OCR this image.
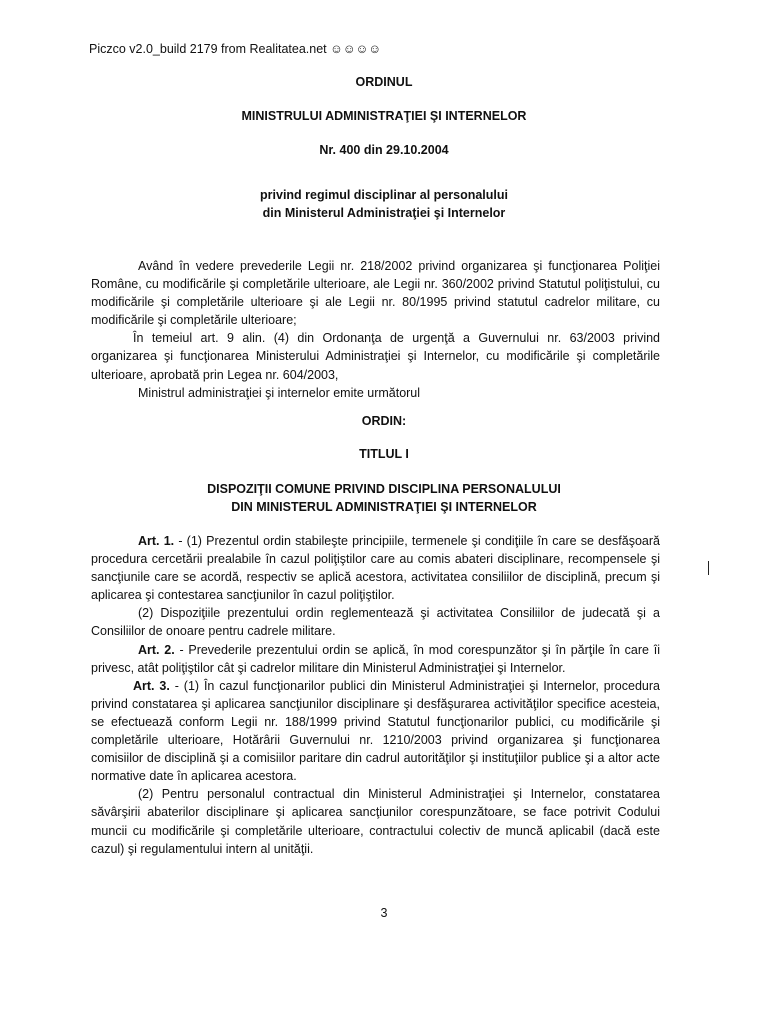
Piczco v2.0_build 2179 from Realitatea.net ☺☺☺☺
ORDINUL
MINISTRULUI ADMINISTRAŢIEI ŞI INTERNELOR
Nr. 400 din 29.10.2004
privind regimul disciplinar al personalului
din Ministerul Administraţiei şi Internelor

Având în vedere prevederile Legii nr. 218/2002 privind organizarea şi funcţionarea Poliţiei Române, cu modificările şi completările ulterioare, ale Legii nr. 360/2002 privind Statutul poliţistului, cu modificările şi completările ulterioare şi ale Legii nr. 80/1995 privind statutul cadrelor militare, cu modificările şi completările ulterioare;

În temeiul art. 9 alin. (4) din Ordonanţa de urgenţă a Guvernului nr. 63/2003 privind organizarea şi funcţionarea Ministerului Administraţiei şi Internelor, cu modificările şi completările ulterioare, aprobată prin Legea nr. 604/2003,

Ministrul administraţiei şi internelor emite următorul

ORDIN:
TITLUL I
DISPOZIŢII COMUNE PRIVIND DISCIPLINA PERSONALULUI
DIN MINISTERUL ADMINISTRAŢIEI ŞI INTERNELOR

Art. 1. - (1) Prezentul ordin stabileşte principiile, termenele şi condiţiile în care se desfăşoară procedura cercetării prealabile în cazul poliţiştilor care au comis abateri disciplinare, recompensele şi sancţiunile care se acordă, respectiv se aplică acestora, activitatea consiliilor de disciplină, precum şi aplicarea şi contestarea sancţiunilor în cazul poliţiştilor.

(2) Dispoziţiile prezentului ordin reglementează şi activitatea Consiliilor de judecată şi a Consiliilor de onoare pentru cadrele militare.

Art. 2. - Prevederile prezentului ordin se aplică, în mod corespunzător şi în părţile în care îi privesc, atât poliţiştilor cât şi cadrelor militare din Ministerul Administraţiei şi Internelor.

Art. 3. - (1) În cazul funcţionarilor publici din Ministerul Administraţiei şi Internelor, procedura privind constatarea şi aplicarea sancţiunilor disciplinare şi desfăşurarea activităţilor specifice acesteia, se efectuează conform Legii nr. 188/1999 privind Statutul funcţionarilor publici, cu modificările şi completările ulterioare, Hotărârii Guvernului nr. 1210/2003 privind organizarea şi funcţionarea comisiilor de disciplină şi a comisiilor paritare din cadrul autorităţilor şi instituţiilor publice şi a altor acte normative date în aplicarea acestora.

(2) Pentru personalul contractual din Ministerul Administraţiei şi Internelor, constatarea săvârşirii abaterilor disciplinare şi aplicarea sancţiunilor corespunzătoare, se face potrivit Codului muncii cu modificările şi completările ulterioare, contractului colectiv de muncă aplicabil (dacă este cazul) şi regulamentului intern al unităţii.

3
